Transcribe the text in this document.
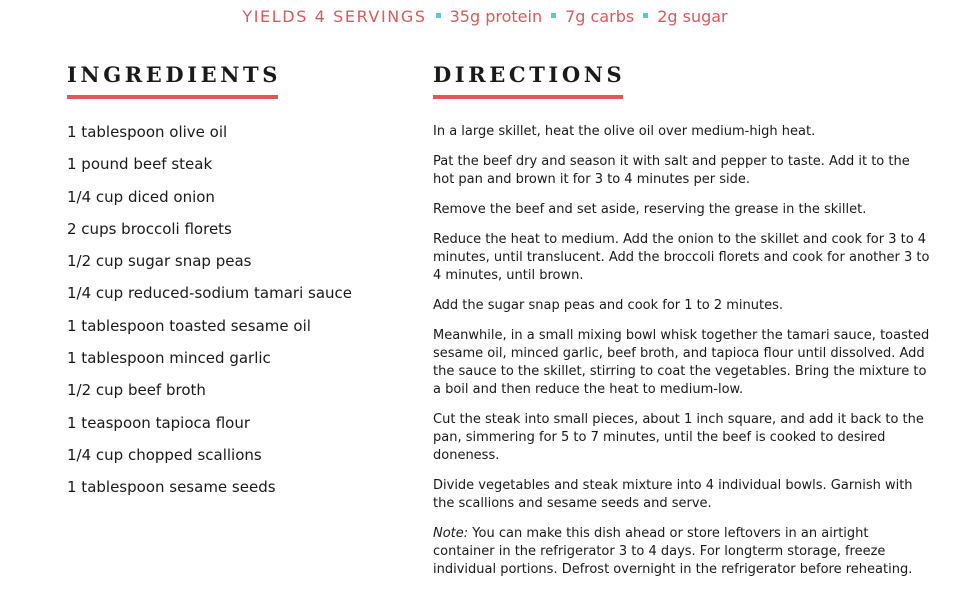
YIELDS 4 SERVINGS 35g protein 7g carbs 2g sugar
INGREDIENTS	DIRECTIONS
1 tablespoon olive oil
1 pound beef steak
1/4 cup diced onion
2 cups broccoli florets
1/2 cup sugar snap peas
1/4 cup reduced-sodium tamari sauce
1 tablespoon toasted sesame oil
1 tablespoon minced garlic
1/2 cup beef broth
1 teaspoon tapioca flour
1/4 cup chopped scallions
1 tablespoon sesame seeds

In a large skillet, heat the olive oil over medium-high heat.

Pat the beef dry and season it with salt and pepper to taste. Add it to the hot pan and brown it for 3 to 4 minutes per side.

Remove the beef and set aside, reserving the grease in the skillet.

Reduce the heat to medium. Add the onion to the skillet and cook for 3 to 4 minutes, until translucent. Add the broccoli florets and cook for another 3 to 4 minutes, until brown.

Add the sugar snap peas and cook for 1 to 2 minutes.

Meanwhile, in a small mixing bowl whisk together the tamari sauce, toasted sesame oil, minced garlic, beef broth, and tapioca flour until dissolved. Add the sauce to the skillet, stirring to coat the vegetables. Bring the mixture to a boil and then reduce the heat to medium-low.

Cut the steak into small pieces, about 1 inch square, and add it back to the pan, simmering for 5 to 7 minutes, until the beef is cooked to desired doneness.

Divide vegetables and steak mixture into 4 individual bowls. Garnish with the scallions and sesame seeds and serve.

Note: You can make this dish ahead or store leftovers in an airtight container in the refrigerator 3 to 4 days. For longterm storage, freeze individual portions. Defrost overnight in the refrigerator before reheating.
